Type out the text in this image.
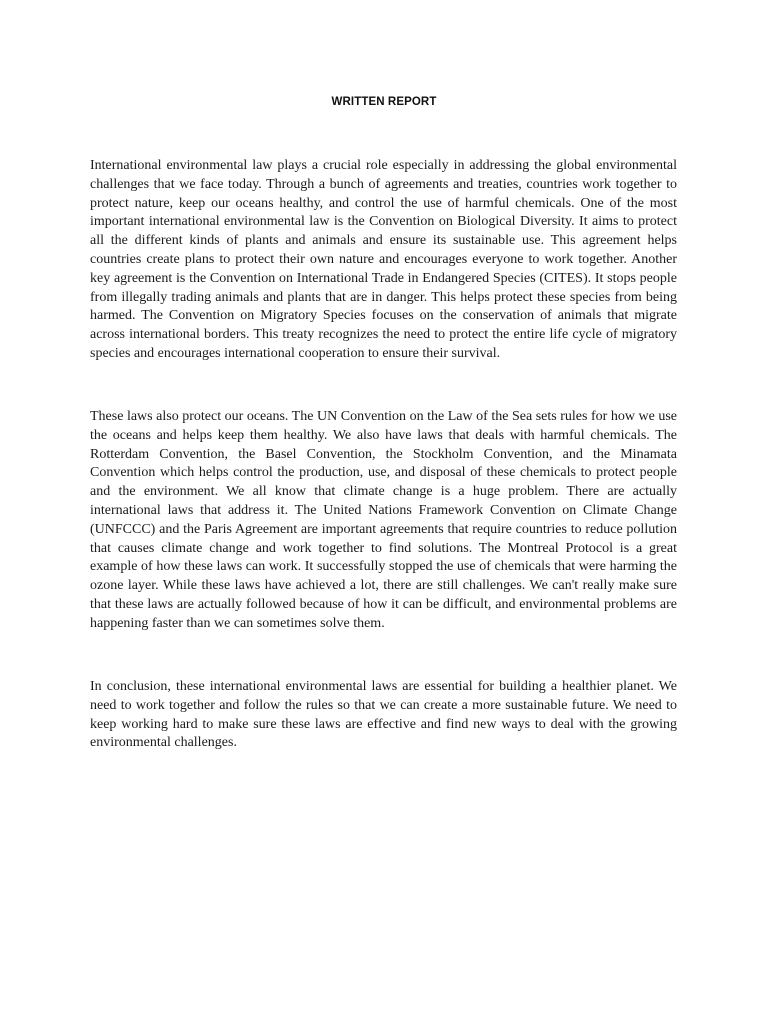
WRITTEN REPORT

International environmental law plays a crucial role especially in addressing the global environmental challenges that we face today. Through a bunch of agreements and treaties, countries work together to protect nature, keep our oceans healthy, and control the use of harmful chemicals. One of the most important international environmental law is the Convention on Biological Diversity. It aims to protect all the different kinds of plants and animals and ensure its sustainable use. This agreement helps countries create plans to protect their own nature and encourages everyone to work together. Another key agreement is the Convention on International Trade in Endangered Species (CITES). It stops people from illegally trading animals and plants that are in danger. This helps protect these species from being harmed. The Convention on Migratory Species focuses on the conservation of animals that migrate across international borders. This treaty recognizes the need to protect the entire life cycle of migratory species and encourages international cooperation to ensure their survival.

These laws also protect our oceans. The UN Convention on the Law of the Sea sets rules for how we use the oceans and helps keep them healthy. We also have laws that deals with harmful chemicals. The Rotterdam Convention, the Basel Convention, the Stockholm Convention, and the Minamata Convention which helps control the production, use, and disposal of these chemicals to protect people and the environment. We all know that climate change is a huge problem. There are actually international laws that address it. The United Nations Framework Convention on Climate Change (UNFCCC) and the Paris Agreement are important agreements that require countries to reduce pollution that causes climate change and work together to find solutions. The Montreal Protocol is a great example of how these laws can work. It successfully stopped the use of chemicals that were harming the ozone layer. While these laws have achieved a lot, there are still challenges. We can't really make sure that these laws are actually followed because of how it can be difficult, and environmental problems are happening faster than we can sometimes solve them.

In conclusion, these international environmental laws are essential for building a healthier planet. We need to work together and follow the rules so that we can create a more sustainable future. We need to keep working hard to make sure these laws are effective and find new ways to deal with the growing environmental challenges.
